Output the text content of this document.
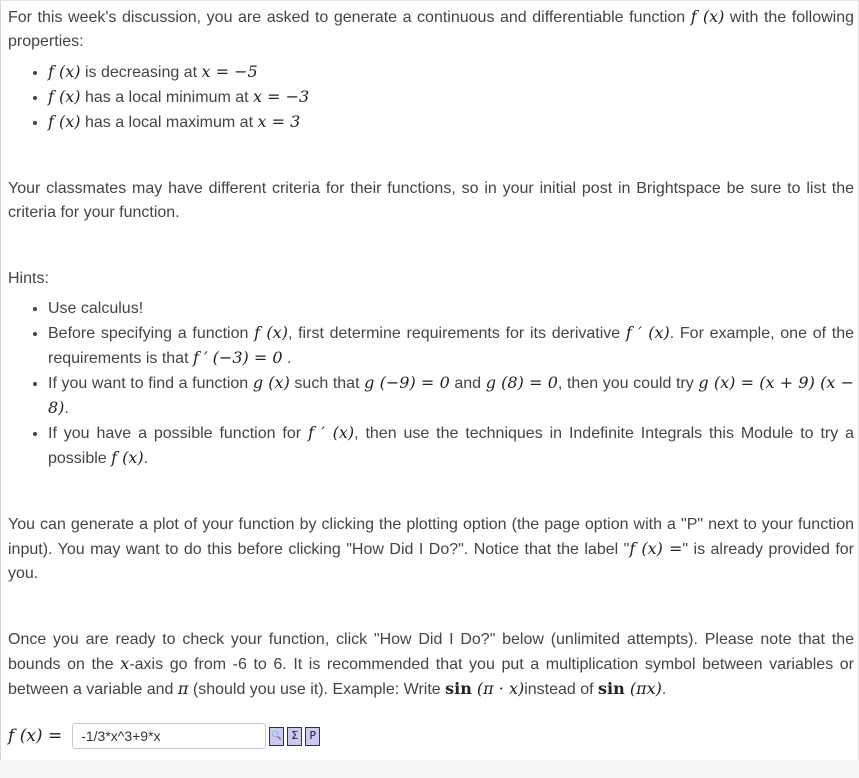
For this week's discussion, you are asked to generate a continuous and differentiable function f (x) with the following properties:

• f (x) is decreasing at x = −5
• f (x) has a local minimum at x = −3
• f (x) has a local maximum at x = 3

Your classmates may have different criteria for their functions, so in your initial post in Brightspace be sure to list the criteria for your function.

Hints:

• Use calculus!
• Before specifying a function f (x), first determine requirements for its derivative f ′ (x). For example, one of the requirements is that f ′ (−3) = 0 .
• If you want to find a function g (x) such that g (−9) = 0 and g (8) = 0, then you could try g (x) = (x + 9) (x − 8).
• If you have a possible function for f ′ (x), then use the techniques in Indefinite Integrals this Module to try a possible f (x).

You can generate a plot of your function by clicking the plotting option (the page option with a "P" next to your function input). You may want to do this before clicking "How Did I Do?". Notice that the label "f (x) =" is already provided for you.

Once you are ready to check your function, click "How Did I Do?" below (unlimited attempts). Please note that the bounds on the x-axis go from -6 to 6. It is recommended that you put a multiplication symbol between variables or between a variable and π (should you use it). Example: Write sin (π · x)instead of sin (πx).

f (x) =
-1/3*x^3+9*x	🔍 Σ	P
